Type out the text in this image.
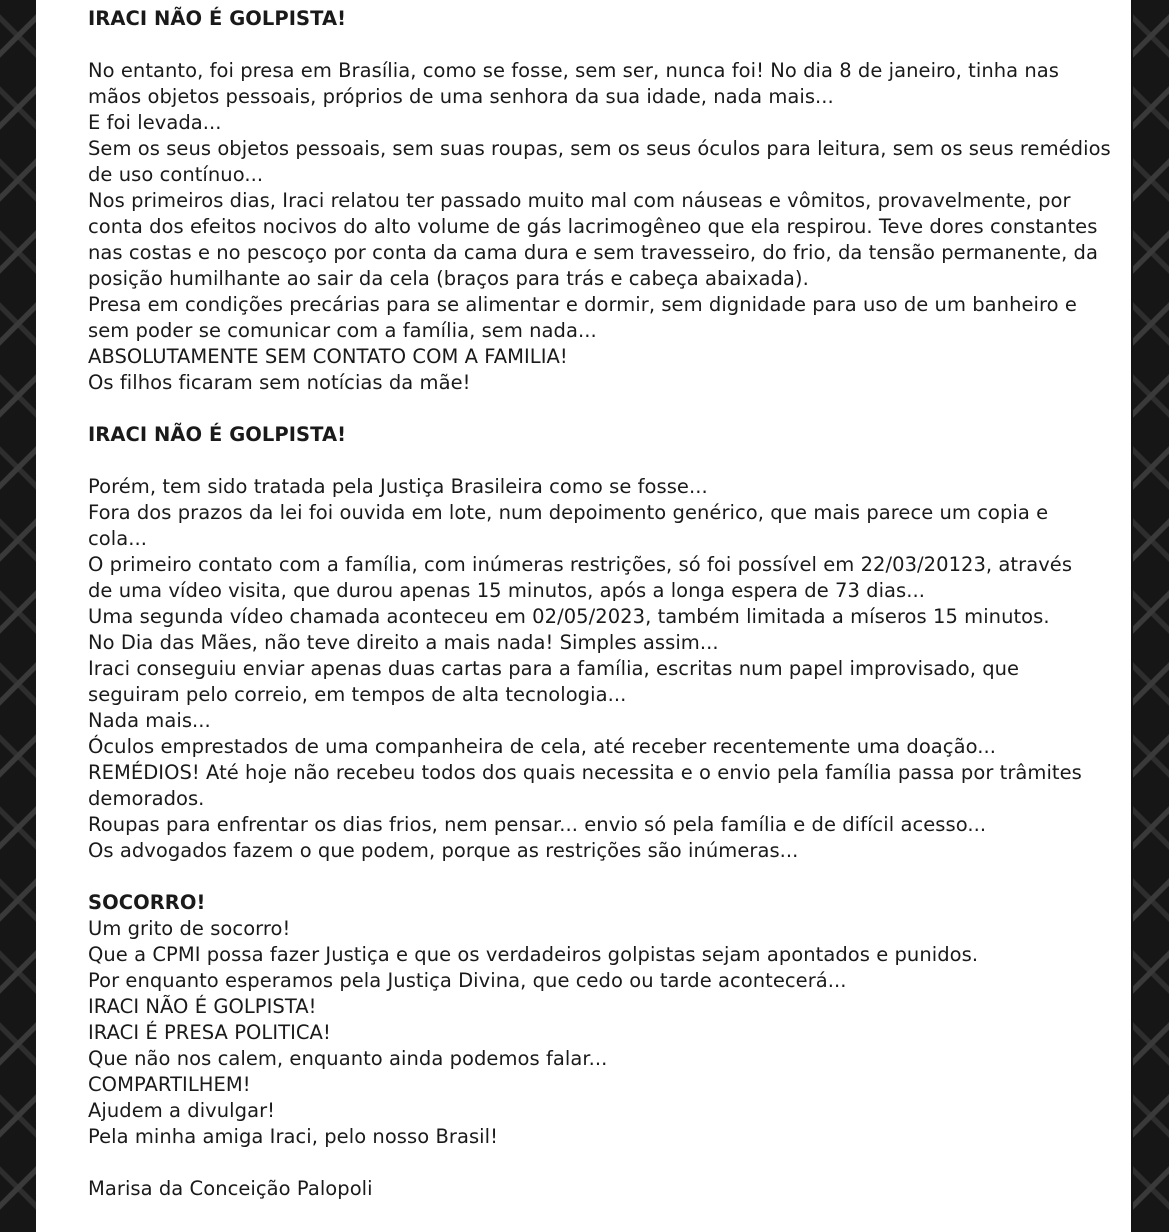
IRACI NÃO É GOLPISTA!

No entanto, foi presa em Brasília, como se fosse, sem ser, nunca foi! No dia 8 de janeiro, tinha nas

mãos objetos pessoais, próprios de uma senhora da sua idade, nada mais...

E foi levada...

Sem os seus objetos pessoais, sem suas roupas, sem os seus óculos para leitura, sem os seus remédios

de uso contínuo...

Nos primeiros dias, Iraci relatou ter passado muito mal com náuseas e vômitos, provavelmente, por

conta dos efeitos nocivos do alto volume de gás lacrimogêneo que ela respirou. Teve dores constantes

nas costas e no pescoço por conta da cama dura e sem travesseiro, do frio, da tensão permanente, da

posição humilhante ao sair da cela (braços para trás e cabeça abaixada).

Presa em condições precárias para se alimentar e dormir, sem dignidade para uso de um banheiro e

sem poder se comunicar com a família, sem nada...

ABSOLUTAMENTE SEM CONTATO COM A FAMILIA!

Os filhos ficaram sem notícias da mãe!

IRACI NÃO É GOLPISTA!

Porém, tem sido tratada pela Justiça Brasileira como se fosse...

Fora dos prazos da lei foi ouvida em lote, num depoimento genérico, que mais parece um copia e

cola...

O primeiro contato com a família, com inúmeras restrições, só foi possível em 22/03/20123, através

de uma vídeo visita, que durou apenas 15 minutos, após a longa espera de 73 dias...

Uma segunda vídeo chamada aconteceu em 02/05/2023, também limitada a míseros 15 minutos.

No Dia das Mães, não teve direito a mais nada! Simples assim...

Iraci conseguiu enviar apenas duas cartas para a família, escritas num papel improvisado, que

seguiram pelo correio, em tempos de alta tecnologia...

Nada mais...

Óculos emprestados de uma companheira de cela, até receber recentemente uma doação...

REMÉDIOS! Até hoje não recebeu todos dos quais necessita e o envio pela família passa por trâmites

demorados.

Roupas para enfrentar os dias frios, nem pensar... envio só pela família e de difícil acesso...

Os advogados fazem o que podem, porque as restrições são inúmeras...

SOCORRO!

Um grito de socorro!

Que a CPMI possa fazer Justiça e que os verdadeiros golpistas sejam apontados e punidos.

Por enquanto esperamos pela Justiça Divina, que cedo ou tarde acontecerá...

IRACI NÃO É GOLPISTA!

IRACI É PRESA POLITICA!

Que não nos calem, enquanto ainda podemos falar...

COMPARTILHEM!

Ajudem a divulgar!

Pela minha amiga Iraci, pelo nosso Brasil!

Marisa da Conceição Palopoli
